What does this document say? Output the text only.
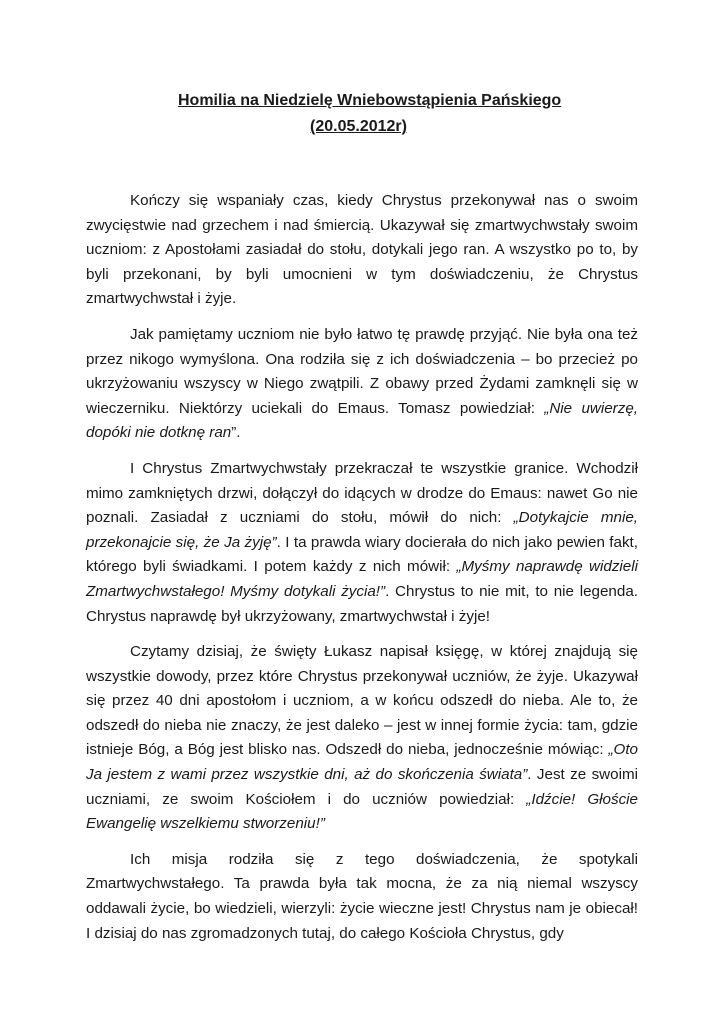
Homilia na Niedzielę Wniebowstąpienia Pańskiego
(20.05.2012r)

Kończy się wspaniały czas, kiedy Chrystus przekonywał nas o swoim zwycięstwie nad grzechem i nad śmiercią. Ukazywał się zmartwychwstały swoim uczniom: z Apostołami zasiadał do stołu, dotykali jego ran. A wszystko po to, by byli przekonani, by byli umocnieni w tym doświadczeniu, że Chrystus zmartwychwstał i żyje.

Jak pamiętamy uczniom nie było łatwo tę prawdę przyjąć. Nie była ona też przez nikogo wymyślona. Ona rodziła się z ich doświadczenia – bo przecież po ukrzyżowaniu wszyscy w Niego zwątpili. Z obawy przed Żydami zamknęli się w wieczerniku. Niektórzy uciekali do Emaus. Tomasz powiedział: „Nie uwierzę, dopóki nie dotknę ran”.

I Chrystus Zmartwychwstały przekraczał te wszystkie granice. Wchodził mimo zamkniętych drzwi, dołączył do idących w drodze do Emaus: nawet Go nie poznali. Zasiadał z uczniami do stołu, mówił do nich: „Dotykajcie mnie, przekonajcie się, że Ja żyję”. I ta prawda wiary docierała do nich jako pewien fakt, którego byli świadkami. I potem każdy z nich mówił: „Myśmy naprawdę widzieli Zmartwychwstałego! Myśmy dotykali życia!”. Chrystus to nie mit, to nie legenda. Chrystus naprawdę był ukrzyżowany, zmartwychwstał i żyje!

Czytamy dzisiaj, że święty Łukasz napisał księgę, w której znajdują się wszystkie dowody, przez które Chrystus przekonywał uczniów, że żyje. Ukazywał się przez 40 dni apostołom i uczniom, a w końcu odszedł do nieba. Ale to, że odszedł do nieba nie znaczy, że jest daleko – jest w innej formie życia: tam, gdzie istnieje Bóg, a Bóg jest blisko nas. Odszedł do nieba, jednocześnie mówiąc: „Oto Ja jestem z wami przez wszystkie dni, aż do skończenia świata”. Jest ze swoimi uczniami, ze swoim Kościołem i do uczniów powiedział: „Idźcie! Głoście Ewangelię wszelkiemu stworzeniu!”

Ich misja rodziła się z tego doświadczenia, że spotykali Zmartwychwstałego. Ta prawda była tak mocna, że za nią niemal wszyscy oddawali życie, bo wiedzieli, wierzyli: życie wieczne jest! Chrystus nam je obiecał! I dzisiaj do nas zgromadzonych tutaj, do całego Kościoła Chrystus, gdy
